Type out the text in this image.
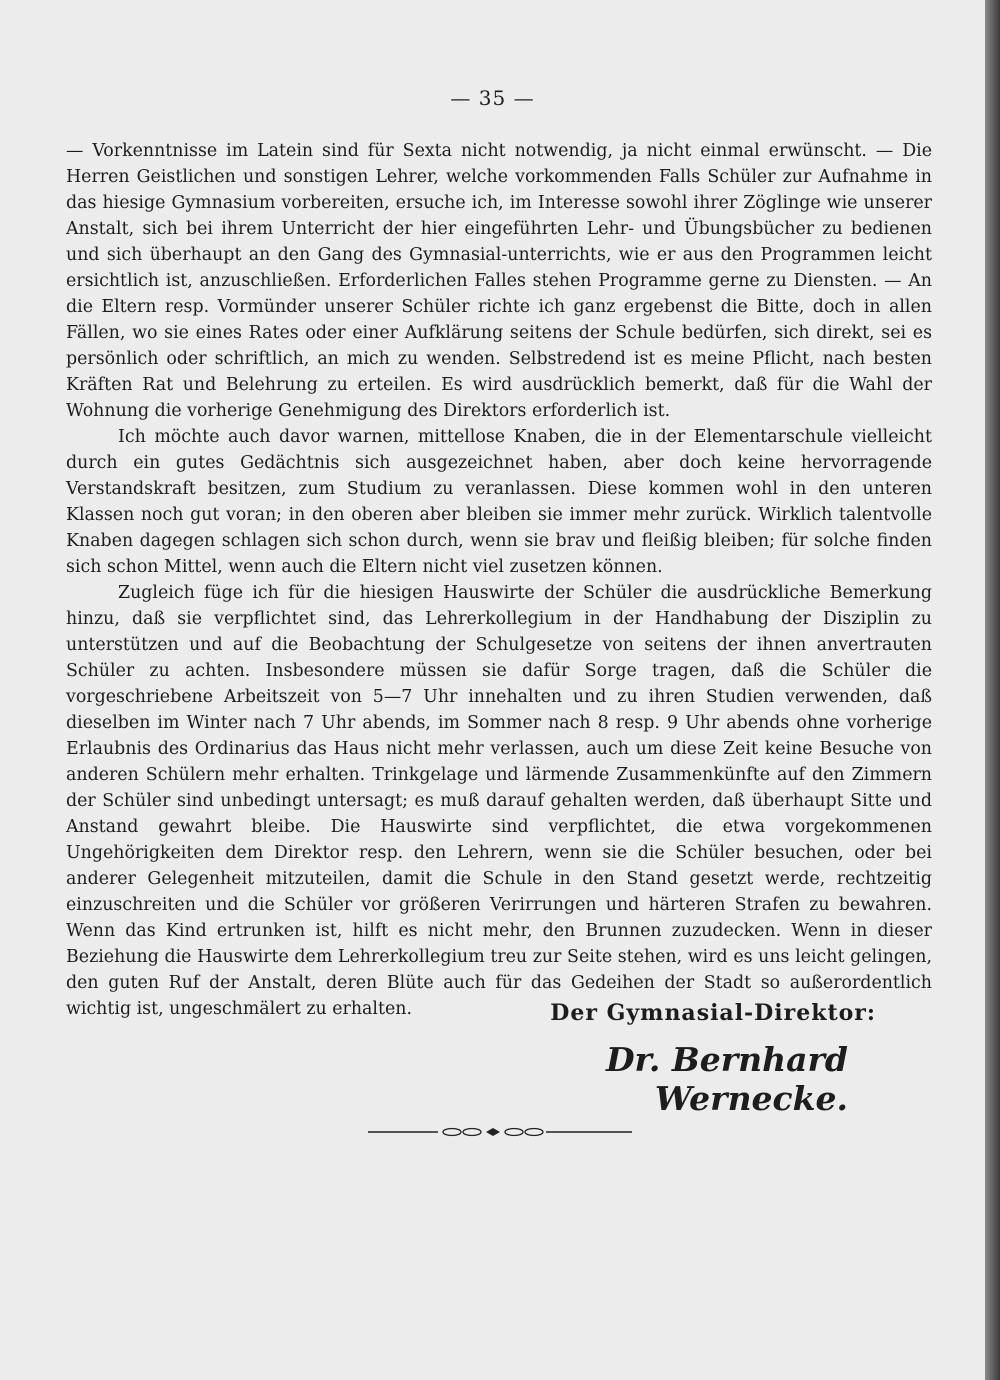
— 35 —

— Vorkenntnisse im Latein sind für Sexta nicht notwendig, ja nicht einmal erwünscht. — Die Herren Geistlichen und sonstigen Lehrer, welche vorkommenden Falls Schüler zur Aufnahme in das hiesige Gymnasium vorbereiten, ersuche ich, im Interesse sowohl ihrer Zöglinge wie unserer Anstalt, sich bei ihrem Unterricht der hier eingeführten Lehr- und Übungsbücher zu bedienen und sich überhaupt an den Gang des Gymnasial-unterrichts, wie er aus den Programmen leicht ersichtlich ist, anzuschließen. Erforderlichen Falles stehen Programme gerne zu Diensten. — An die Eltern resp. Vormünder unserer Schüler richte ich ganz ergebenst die Bitte, doch in allen Fällen, wo sie eines Rates oder einer Aufklärung seitens der Schule bedürfen, sich direkt, sei es persönlich oder schriftlich, an mich zu wenden. Selbstredend ist es meine Pflicht, nach besten Kräften Rat und Belehrung zu erteilen. Es wird ausdrücklich bemerkt, daß für die Wahl der Wohnung die vorherige Genehmigung des Direktors erforderlich ist.

Ich möchte auch davor warnen, mittellose Knaben, die in der Elementarschule vielleicht durch ein gutes Gedächtnis sich ausgezeichnet haben, aber doch keine hervorragende Verstandskraft besitzen, zum Studium zu veranlassen. Diese kommen wohl in den unteren Klassen noch gut voran; in den oberen aber bleiben sie immer mehr zurück. Wirklich talentvolle Knaben dagegen schlagen sich schon durch, wenn sie brav und fleißig bleiben; für solche finden sich schon Mittel, wenn auch die Eltern nicht viel zusetzen können.

Zugleich füge ich für die hiesigen Hauswirte der Schüler die ausdrückliche Bemerkung hinzu, daß sie verpflichtet sind, das Lehrerkollegium in der Handhabung der Disziplin zu unterstützen und auf die Beobachtung der Schulgesetze von seitens der ihnen anvertrauten Schüler zu achten. Insbesondere müssen sie dafür Sorge tragen, daß die Schüler die vorgeschriebene Arbeitszeit von 5—7 Uhr innehalten und zu ihren Studien verwenden, daß dieselben im Winter nach 7 Uhr abends, im Sommer nach 8 resp. 9 Uhr abends ohne vorherige Erlaubnis des Ordinarius das Haus nicht mehr verlassen, auch um diese Zeit keine Besuche von anderen Schülern mehr erhalten. Trinkgelage und lärmende Zusammenkünfte auf den Zimmern der Schüler sind unbedingt untersagt; es muß darauf gehalten werden, daß überhaupt Sitte und Anstand gewahrt bleibe. Die Hauswirte sind verpflichtet, die etwa vorgekommenen Ungehörigkeiten dem Direktor resp. den Lehrern, wenn sie die Schüler besuchen, oder bei anderer Gelegenheit mitzuteilen, damit die Schule in den Stand gesetzt werde, rechtzeitig einzuschreiten und die Schüler vor größeren Verirrungen und härteren Strafen zu bewahren. Wenn das Kind ertrunken ist, hilft es nicht mehr, den Brunnen zuzudecken. Wenn in dieser Beziehung die Hauswirte dem Lehrerkollegium treu zur Seite stehen, wird es uns leicht gelingen, den guten Ruf der Anstalt, deren Blüte auch für das Gedeihen der Stadt so außerordentlich wichtig ist, ungeschmälert zu erhalten.	Der Gymnasial-Direktor:
Dr. Bernhard Wernecke.
